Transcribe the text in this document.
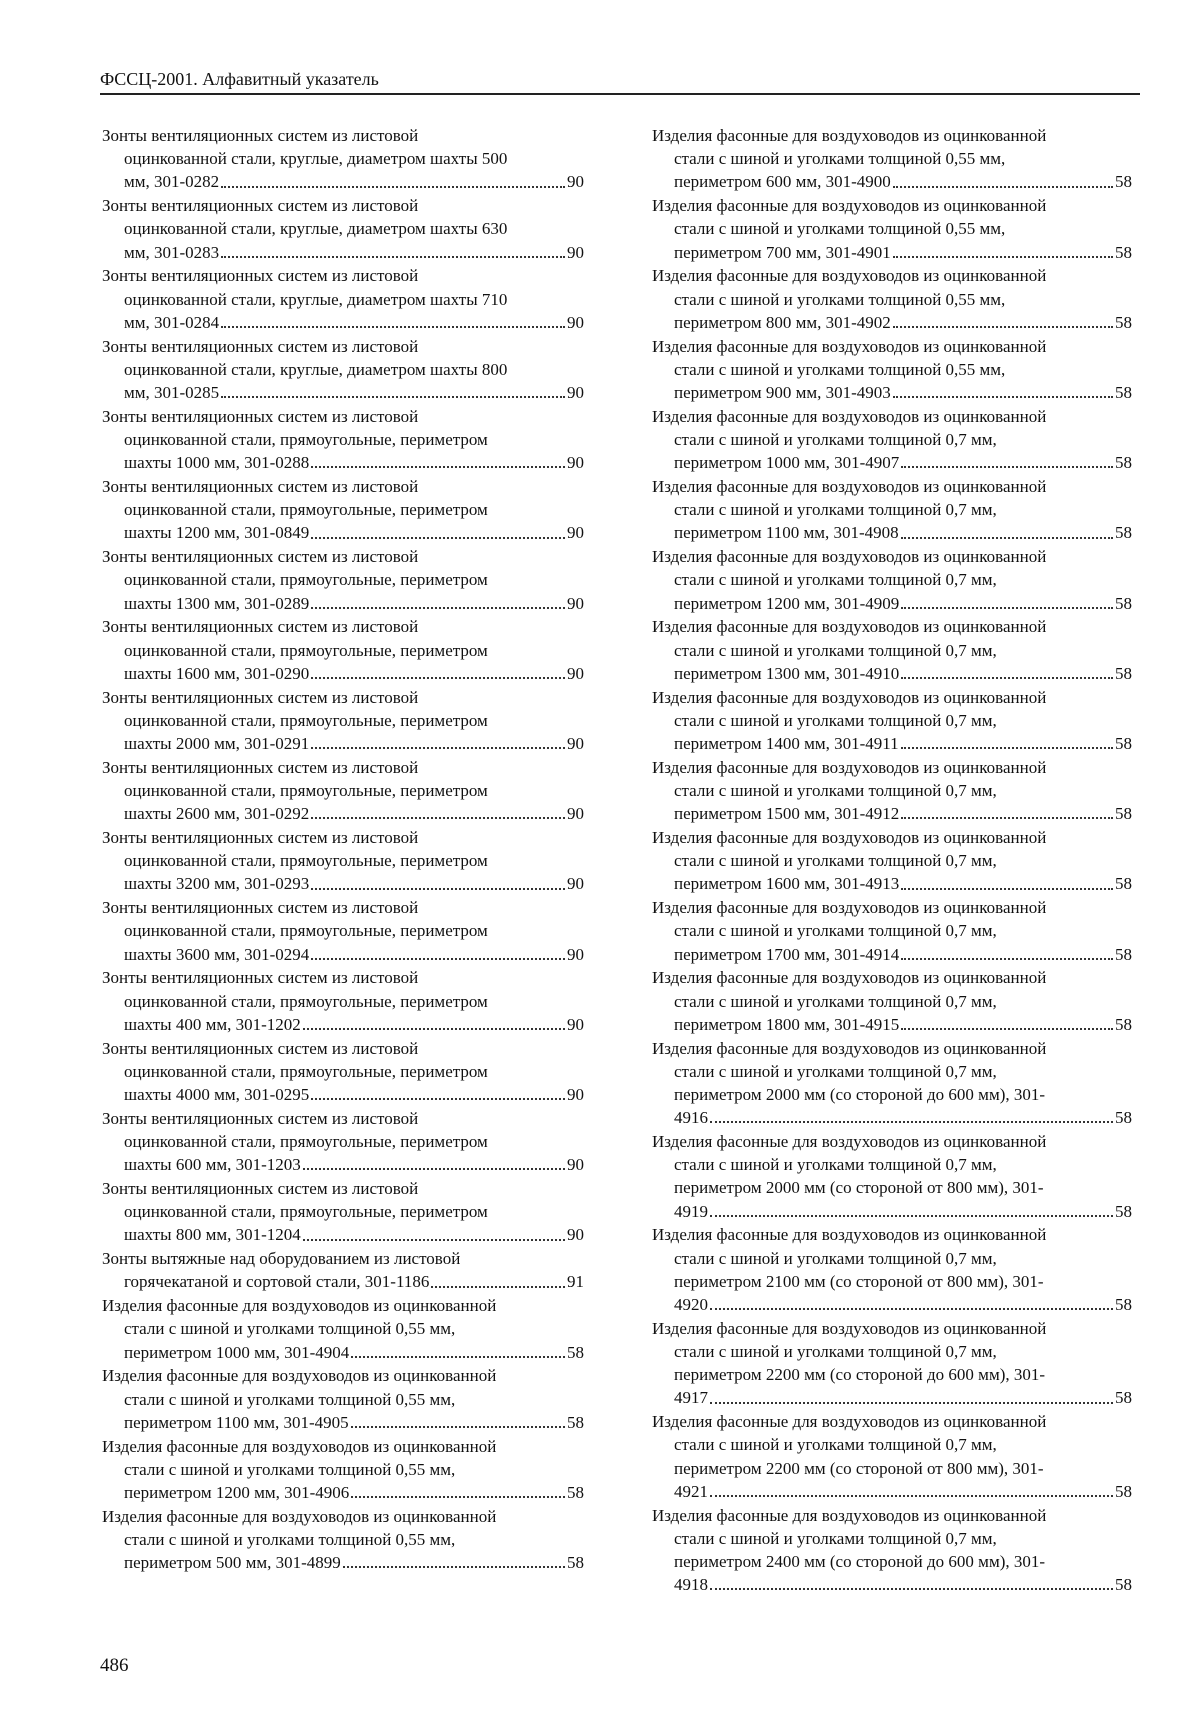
ФССЦ-2001. Алфавитный указатель
Зонты вентиляционных систем из листовой
оцинкованной стали, круглые, диаметром шахты 500
мм, 301-0282	90
Зонты вентиляционных систем из листовой
оцинкованной стали, круглые, диаметром шахты 630
мм, 301-0283	90
Зонты вентиляционных систем из листовой
оцинкованной стали, круглые, диаметром шахты 710
мм, 301-0284	90
Зонты вентиляционных систем из листовой
оцинкованной стали, круглые, диаметром шахты 800
мм, 301-0285	90
Зонты вентиляционных систем из листовой
оцинкованной стали, прямоугольные, периметром
шахты 1000 мм, 301-0288	90
Зонты вентиляционных систем из листовой
оцинкованной стали, прямоугольные, периметром
шахты 1200 мм, 301-0849	90
Зонты вентиляционных систем из листовой
оцинкованной стали, прямоугольные, периметром
шахты 1300 мм, 301-0289	90
Зонты вентиляционных систем из листовой
оцинкованной стали, прямоугольные, периметром
шахты 1600 мм, 301-0290	90
Зонты вентиляционных систем из листовой
оцинкованной стали, прямоугольные, периметром
шахты 2000 мм, 301-0291	90
Зонты вентиляционных систем из листовой
оцинкованной стали, прямоугольные, периметром
шахты 2600 мм, 301-0292	90
Зонты вентиляционных систем из листовой
оцинкованной стали, прямоугольные, периметром
шахты 3200 мм, 301-0293	90
Зонты вентиляционных систем из листовой
оцинкованной стали, прямоугольные, периметром
шахты 3600 мм, 301-0294	90
Зонты вентиляционных систем из листовой
оцинкованной стали, прямоугольные, периметром
шахты 400 мм, 301-1202	90
Зонты вентиляционных систем из листовой
оцинкованной стали, прямоугольные, периметром
шахты 4000 мм, 301-0295	90
Зонты вентиляционных систем из листовой
оцинкованной стали, прямоугольные, периметром
шахты 600 мм, 301-1203	90
Зонты вентиляционных систем из листовой
оцинкованной стали, прямоугольные, периметром
шахты 800 мм, 301-1204	90
Зонты вытяжные над оборудованием из листовой
горячекатаной и сортовой стали, 301-1186	91
Изделия фасонные для воздуховодов из оцинкованной
стали с шиной и уголками толщиной 0,55 мм,
периметром 1000 мм, 301-4904	58
Изделия фасонные для воздуховодов из оцинкованной
стали с шиной и уголками толщиной 0,55 мм,
периметром 1100 мм, 301-4905	58
Изделия фасонные для воздуховодов из оцинкованной
стали с шиной и уголками толщиной 0,55 мм,
периметром 1200 мм, 301-4906	58
Изделия фасонные для воздуховодов из оцинкованной
стали с шиной и уголками толщиной 0,55 мм,
периметром 500 мм, 301-4899	58
Изделия фасонные для воздуховодов из оцинкованной
стали с шиной и уголками толщиной 0,55 мм,
периметром 600 мм, 301-4900	58
Изделия фасонные для воздуховодов из оцинкованной
стали с шиной и уголками толщиной 0,55 мм,
периметром 700 мм, 301-4901	58
Изделия фасонные для воздуховодов из оцинкованной
стали с шиной и уголками толщиной 0,55 мм,
периметром 800 мм, 301-4902	58
Изделия фасонные для воздуховодов из оцинкованной
стали с шиной и уголками толщиной 0,55 мм,
периметром 900 мм, 301-4903	58
Изделия фасонные для воздуховодов из оцинкованной
стали с шиной и уголками толщиной 0,7 мм,
периметром 1000 мм, 301-4907	58
Изделия фасонные для воздуховодов из оцинкованной
стали с шиной и уголками толщиной 0,7 мм,
периметром 1100 мм, 301-4908	58
Изделия фасонные для воздуховодов из оцинкованной
стали с шиной и уголками толщиной 0,7 мм,
периметром 1200 мм, 301-4909	58
Изделия фасонные для воздуховодов из оцинкованной
стали с шиной и уголками толщиной 0,7 мм,
периметром 1300 мм, 301-4910	58
Изделия фасонные для воздуховодов из оцинкованной
стали с шиной и уголками толщиной 0,7 мм,
периметром 1400 мм, 301-4911	58
Изделия фасонные для воздуховодов из оцинкованной
стали с шиной и уголками толщиной 0,7 мм,
периметром 1500 мм, 301-4912	58
Изделия фасонные для воздуховодов из оцинкованной
стали с шиной и уголками толщиной 0,7 мм,
периметром 1600 мм, 301-4913	58
Изделия фасонные для воздуховодов из оцинкованной
стали с шиной и уголками толщиной 0,7 мм,
периметром 1700 мм, 301-4914	58
Изделия фасонные для воздуховодов из оцинкованной
стали с шиной и уголками толщиной 0,7 мм,
периметром 1800 мм, 301-4915	58
Изделия фасонные для воздуховодов из оцинкованной
стали с шиной и уголками толщиной 0,7 мм,
периметром 2000 мм (со стороной до 600 мм), 301-
4916	58
Изделия фасонные для воздуховодов из оцинкованной
стали с шиной и уголками толщиной 0,7 мм,
периметром 2000 мм (со стороной от 800 мм), 301-
4919	58
Изделия фасонные для воздуховодов из оцинкованной
стали с шиной и уголками толщиной 0,7 мм,
периметром 2100 мм (со стороной от 800 мм), 301-
4920	58
Изделия фасонные для воздуховодов из оцинкованной
стали с шиной и уголками толщиной 0,7 мм,
периметром 2200 мм (со стороной до 600 мм), 301-
4917	58
Изделия фасонные для воздуховодов из оцинкованной
стали с шиной и уголками толщиной 0,7 мм,
периметром 2200 мм (со стороной от 800 мм), 301-
4921	58
Изделия фасонные для воздуховодов из оцинкованной
стали с шиной и уголками толщиной 0,7 мм,
периметром 2400 мм (со стороной до 600 мм), 301-
4918	58
486
